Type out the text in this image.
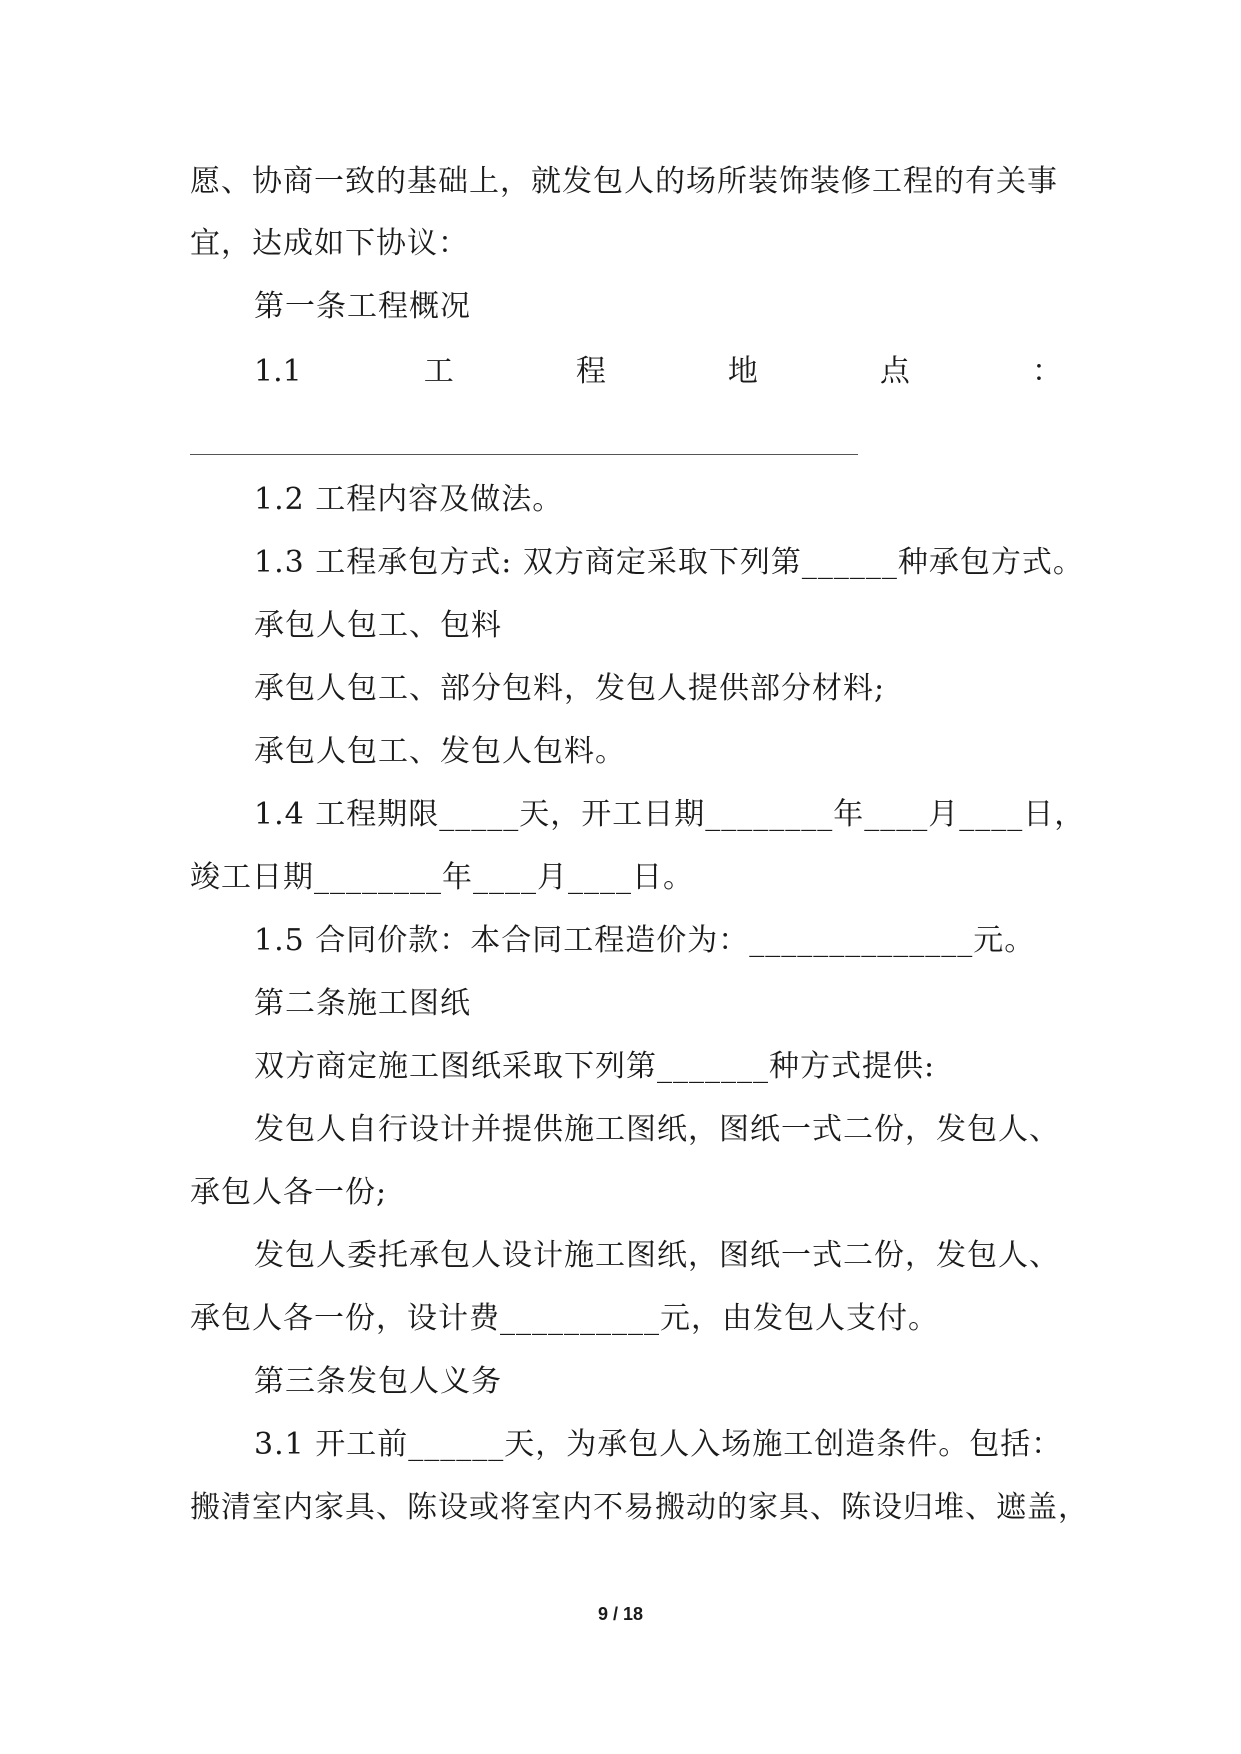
愿、协商一致的基础上，就发包人的场所装饰装修工程的有关事
宜，达成如下协议：
第一条工程概况
1.1	工	程	地	点	：
1.2 工程内容及做法。
1.3 工程承包方式: 双方商定采取下列第______种承包方式。
承包人包工、包料
承包人包工、部分包料，发包人提供部分材料;
承包人包工、发包人包料。
1.4 工程期限_____天，开工日期________年____月____日，
竣工日期________年____月____日。
1.5 合同价款：本合同工程造价为：______________元。
第二条施工图纸
双方商定施工图纸采取下列第_______种方式提供:
发包人自行设计并提供施工图纸，图纸一式二份，发包人、
承包人各一份;
发包人委托承包人设计施工图纸，图纸一式二份，发包人、
承包人各一份，设计费__________元，由发包人支付。
第三条发包人义务
3.1 开工前______天，为承包人入场施工创造条件。包括：
搬清室内家具、陈设或将室内不易搬动的家具、陈设归堆、遮盖，
9 / 18
